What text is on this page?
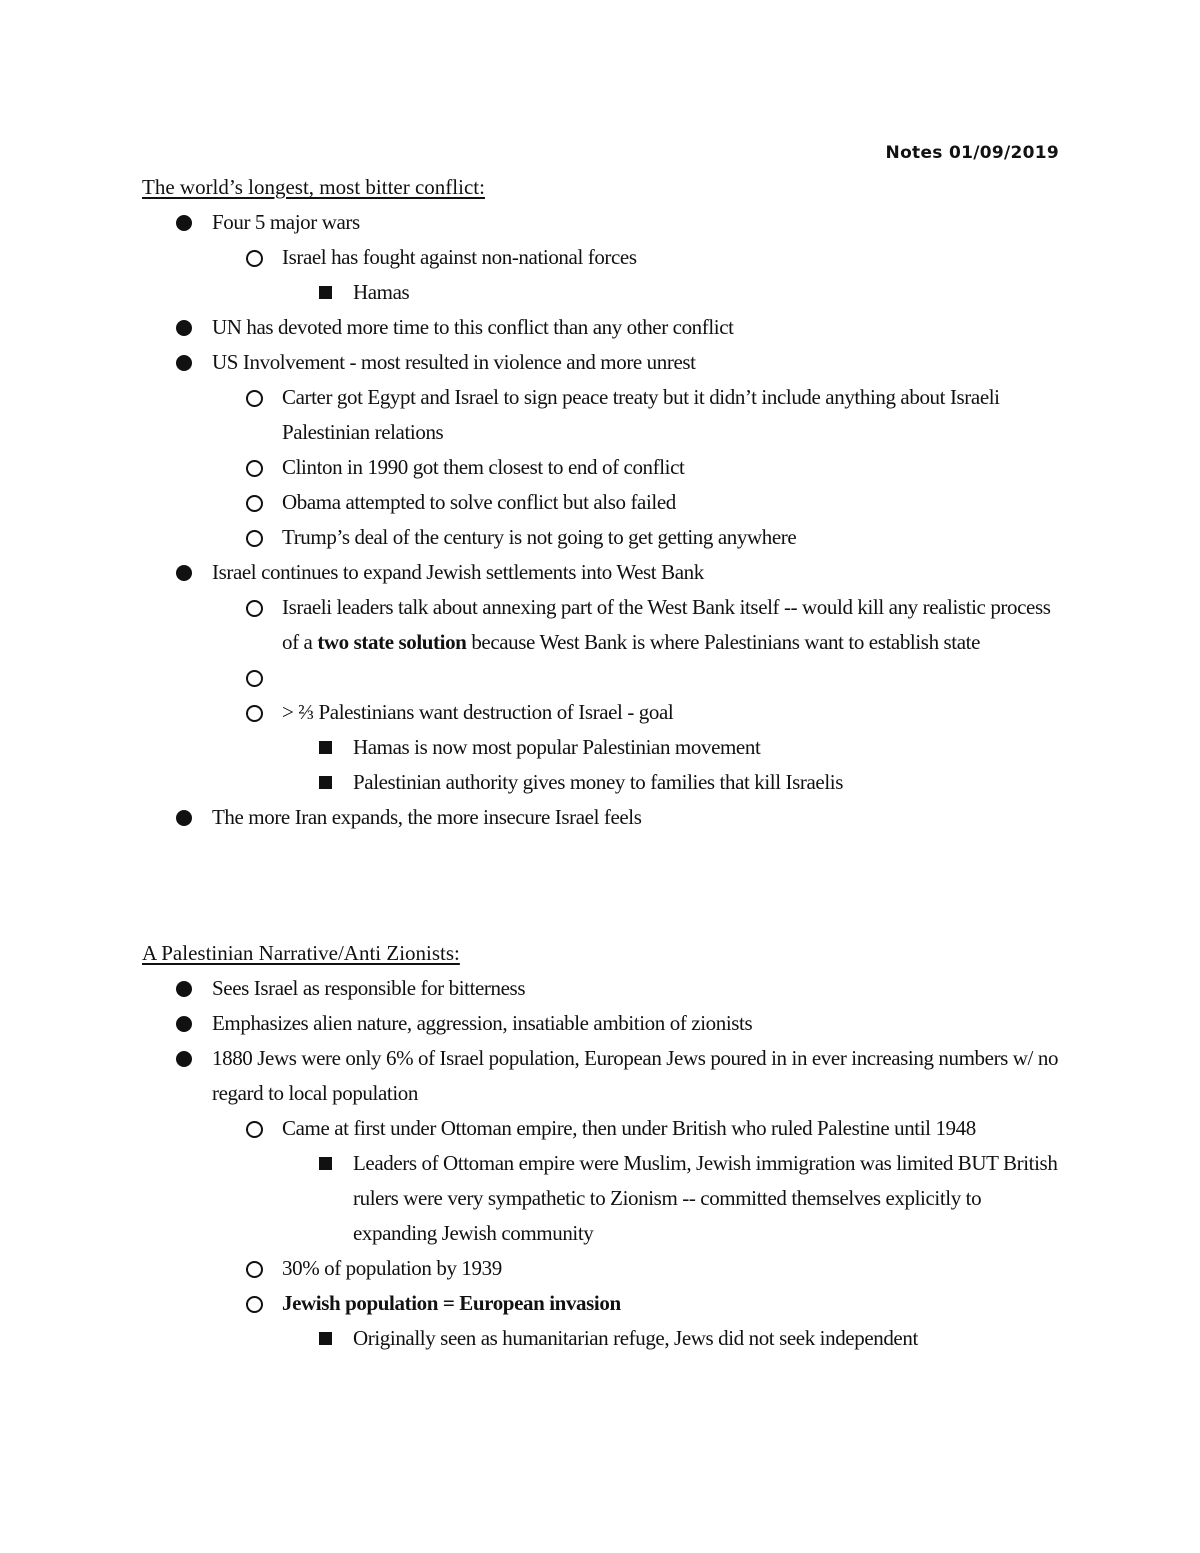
Notes 01/09/2019
The world’s longest, most bitter conflict:
Four 5 major wars
Israel has fought against non-national forces
Hamas
UN has devoted more time to this conflict than any other conflict
US Involvement - most resulted in violence and more unrest
Carter got Egypt and Israel to sign peace treaty but it didn’t include anything about Israeli Palestinian relations
Clinton in 1990 got them closest to end of conflict
Obama attempted to solve conflict but also failed
Trump’s deal of the century is not going to get getting anywhere
Israel continues to expand Jewish settlements into West Bank
Israeli leaders talk about annexing part of the West Bank itself -- would kill any realistic process of a two state solution because West Bank is where Palestinians want to establish state
> ⅔ Palestinians want destruction of Israel - goal
Hamas is now most popular Palestinian movement
Palestinian authority gives money to families that kill Israelis
The more Iran expands, the more insecure Israel feels
A Palestinian Narrative/Anti Zionists:
Sees Israel as responsible for bitterness
Emphasizes alien nature, aggression, insatiable ambition of zionists
1880 Jews were only 6% of Israel population, European Jews poured in in ever increasing numbers w/ no regard to local population
Came at first under Ottoman empire, then under British who ruled Palestine until 1948
Leaders of Ottoman empire were Muslim, Jewish immigration was limited BUT British rulers were very sympathetic to Zionism -- committed themselves explicitly to expanding Jewish community
30% of population by 1939
Jewish population = European invasion
Originally seen as humanitarian refuge, Jews did not seek independent
